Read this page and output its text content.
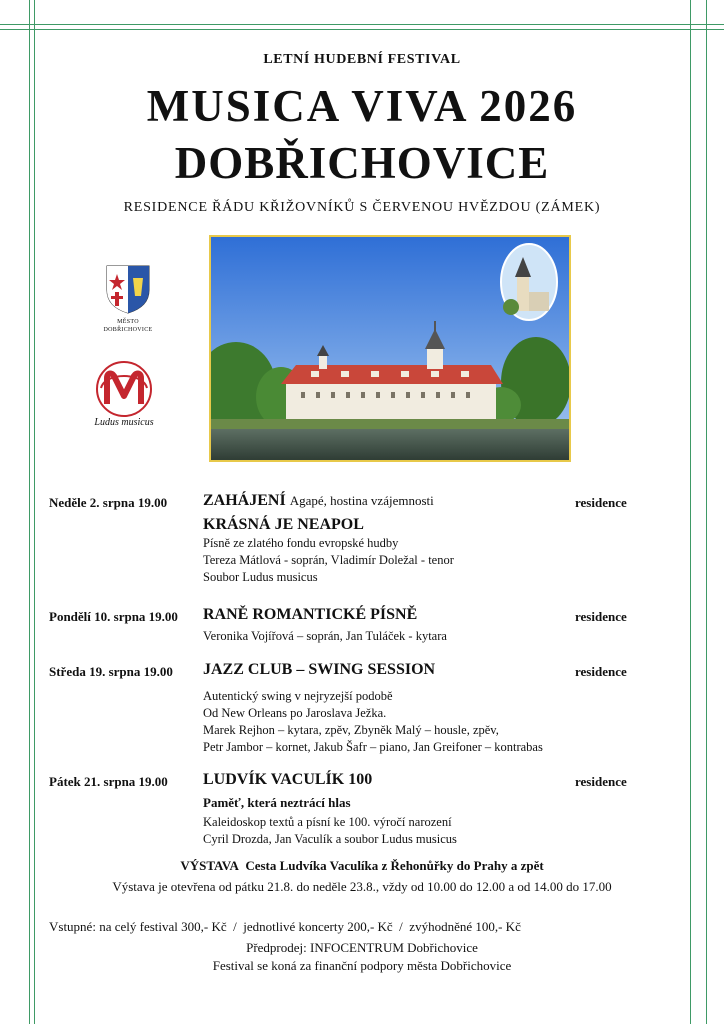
LETNÍ HUDEBNÍ FESTIVAL
MUSICA VIVA 2026
DOBŘICHOVICE
RESIDENCE ŘÁDU KŘIŽOVNÍKŮ S ČERVENOU HVĚZDOU (ZÁMEK)
MĚSTO
DOBŘICHOVICE
Ludus musicus
Neděle 2. srpna 19.00 ZAHÁJENÍ Agapé, hostina vzájemnosti	residence
KRÁSNÁ JE NEAPOL
Písně ze zlatého fondu evropské hudby
Tereza Mátlová - soprán, Vladimír Doležal - tenor
Soubor Ludus musicus
Pondělí 10. srpna 19.00 RANĚ ROMANTICKÉ PÍSNĚ	residence
Veronika Vojířová – soprán, Jan Tuláček - kytara
Středa 19. srpna 19.00 JAZZ CLUB – SWING SESSION	residence
Autentický swing v nejryzejší podobě
Od New Orleans po Jaroslava Ježka.
Marek Rejhon – kytara, zpěv, Zbyněk Malý – housle, zpěv,
Petr Jambor – kornet, Jakub Šafr – piano, Jan Greifoner – kontrabas
Pátek 21. srpna 19.00 LUDVÍK VACULÍK 100	residence
Paměť, která neztrácí hlas
Kaleidoskop textů a písní ke 100. výročí narození
Cyril Drozda, Jan Vaculík a soubor Ludus musicus
VÝSTAVA Cesta Ludvíka Vaculíka z Řehonůřky do Prahy a zpět
Výstava je otevřena od pátku 21.8. do neděle 23.8., vždy od 10.00 do 12.00 a od 14.00 do 17.00
Vstupné: na celý festival 300,- Kč  /  jednotlivé koncerty 200,- Kč  /  zvýhodněné 100,- Kč
Předprodej: INFOCENTRUM Dobřichovice
Festival se koná za finanční podpory města Dobřichovice
